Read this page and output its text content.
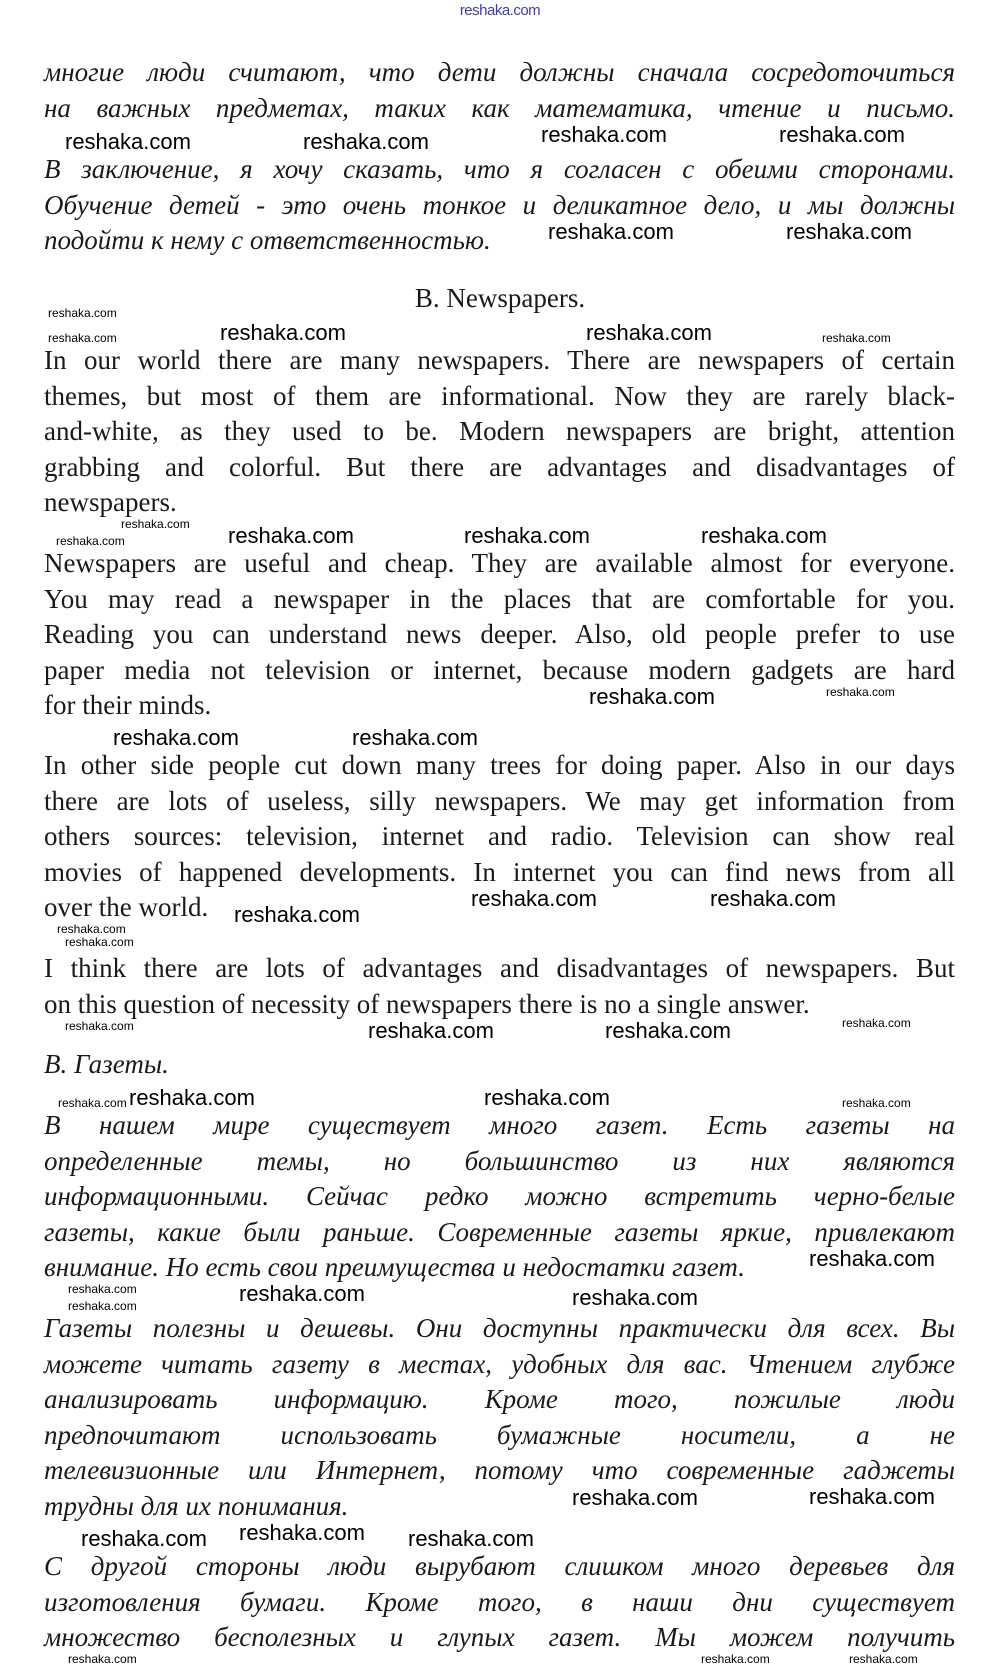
reshaka.com
многие люди считают, что дети должны сначала сосредоточиться
на важных предметах, таких как математика, чтение и письмо.
В заключение, я хочу сказать, что я согласен с обеими сторонами.
Обучение детей - это очень тонкое и деликатное дело, и мы должны
подойти к нему с ответственностью.
B. Newspapers.
In our world there are many newspapers. There are newspapers of certain
themes, but most of them are informational. Now they are rarely black-
and-white, as they used to be. Modern newspapers are bright, attention
grabbing and colorful. But there are advantages and disadvantages of
newspapers.
Newspapers are useful and cheap. They are available almost for everyone.
You may read a newspaper in the places that are comfortable for you.
Reading you can understand news deeper. Also, old people prefer to use
paper media not television or internet, because modern gadgets are hard
for their minds.
In other side people cut down many trees for doing paper. Also in our days
there are lots of useless, silly newspapers. We may get information from
others sources: television, internet and radio. Television can show real
movies of happened developments. In internet you can find news from all
over the world.
I think there are lots of advantages and disadvantages of newspapers. But
on this question of necessity of newspapers there is no a single answer.
В. Газеты.
В нашем мире существует много газет. Есть газеты на
определенные темы, но большинство из них являются
информационными. Сейчас редко можно встретить черно-белые
газеты, какие были раньше. Современные газеты яркие, привлекают
внимание. Но есть свои преимущества и недостатки газет.
Газеты полезны и дешевы. Они доступны практически для всех. Вы
можете читать газету в местах, удобных для вас. Чтением глубже
анализировать информацию. Кроме того, пожилые люди
предпочитают использовать бумажные носители, а не
телевизионные или Интернет, потому что современные гаджеты
трудны для их понимания.
С другой стороны люди вырубают слишком много деревьев для
изготовления бумаги. Кроме того, в наши дни существует
множество бесполезных и глупых газет. Мы можем получить
reshaka.com	reshaka.com
reshaka.com	reshaka.com
reshaka.com	reshaka.com
reshaka.com	reshaka.com
reshaka.com	reshaka.com
reshaka.com
reshaka.com
reshaka.com	reshaka.com
reshaka.com	reshaka.com
reshaka.com
reshaka.com	reshaka.com
reshaka.com	reshaka.com
reshaka.com
reshaka.com	reshaka.com
reshaka.com
reshaka.com	reshaka.com
reshaka.com	reshaka.com
reshaka.com
reshaka.com	reshaka.com
reshaka.com
reshaka.com
reshaka.com
reshaka.com
reshaka.com
reshaka.com	reshaka.com
reshaka.com
reshaka.com
reshaka.com
reshaka.com
reshaka.com
reshaka.com	reshaka.com
